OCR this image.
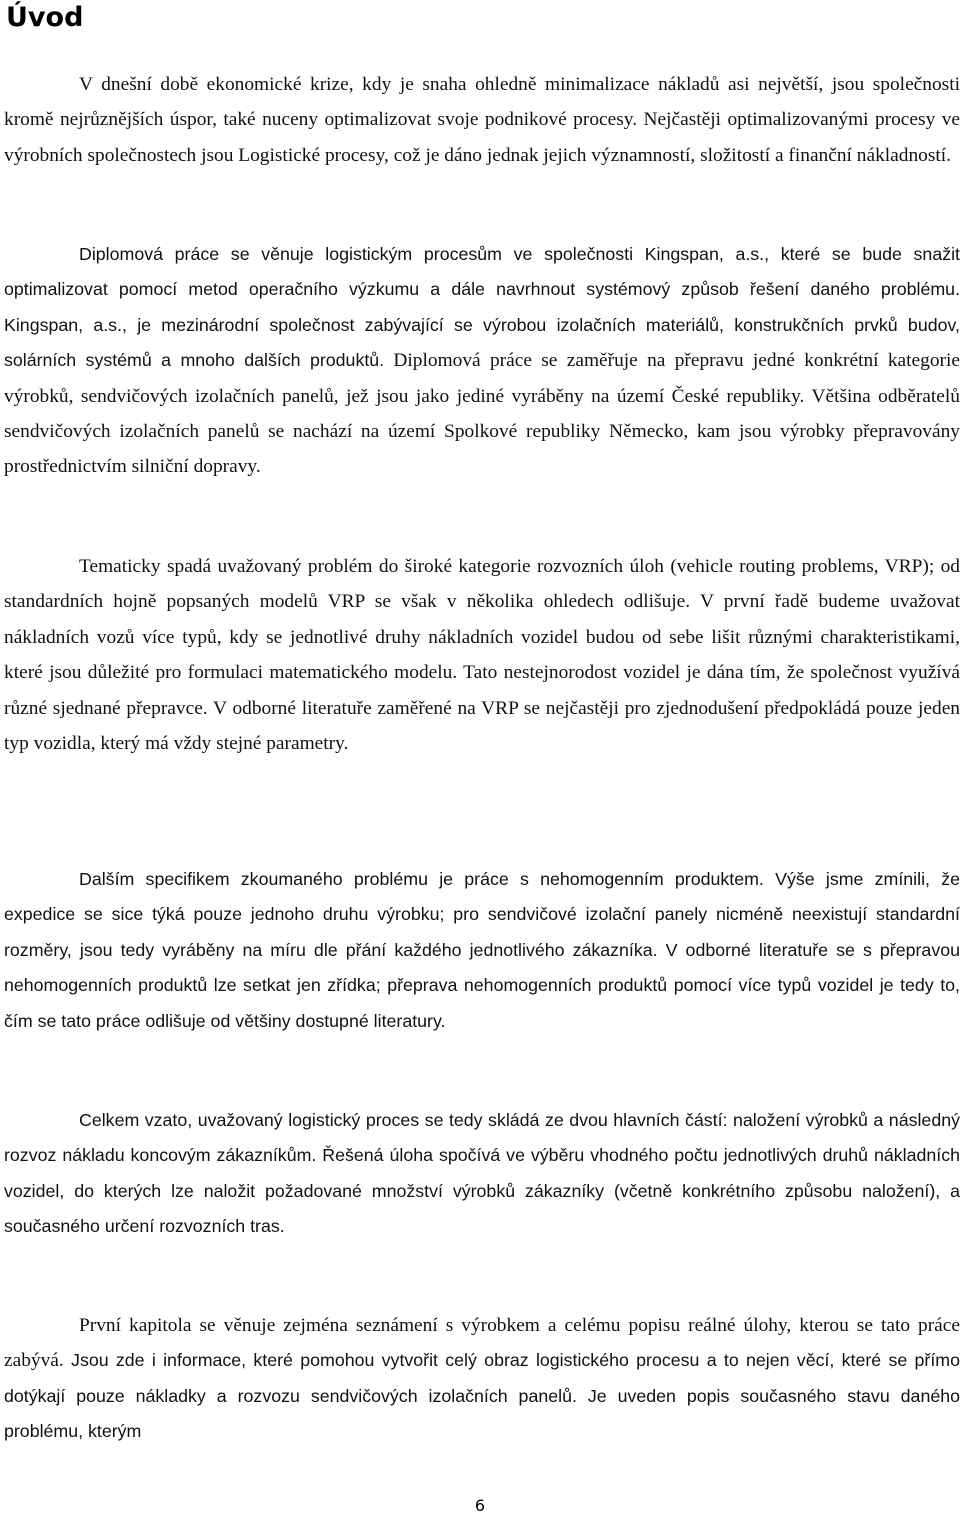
Úvod

V dnešní době ekonomické krize, kdy je snaha ohledně minimalizace nákladů asi největší, jsou společnosti kromě nejrůznějších úspor, také nuceny optimalizovat svoje podnikové procesy. Nejčastěji optimalizovanými procesy ve výrobních společnostech jsou Logistické procesy, což je dáno jednak jejich významností, složitostí a finanční nákladností.

Diplomová práce se věnuje logistickým procesům ve společnosti Kingspan, a.s., které se bude snažit optimalizovat pomocí metod operačního výzkumu a dále navrhnout systémový způsob řešení daného problému. Kingspan, a.s., je mezinárodní společnost zabývající se výrobou izolačních materiálů, konstrukčních prvků budov, solárních systémů a mnoho dalších produktů. Diplomová práce se zaměřuje na přepravu jedné konkrétní kategorie výrobků, sendvičových izolačních panelů, jež jsou jako jediné vyráběny na území České republiky. Většina odběratelů sendvičových izolačních panelů se nachází na území Spolkové republiky Německo, kam jsou výrobky přepravovány prostřednictvím silniční dopravy.

Tematicky spadá uvažovaný problém do široké kategorie rozvozních úloh (vehicle routing problems, VRP); od standardních hojně popsaných modelů VRP se však v několika ohledech odlišuje. V první řadě budeme uvažovat nákladních vozů více typů, kdy se jednotlivé druhy nákladních vozidel budou od sebe lišit různými charakteristikami, které jsou důležité pro formulaci matematického modelu. Tato nestejnorodost vozidel je dána tím, že společnost využívá různé sjednané přepravce. V odborné literatuře zaměřené na VRP se nejčastěji pro zjednodušení předpokládá pouze jeden typ vozidla, který má vždy stejné parametry.

Dalším specifikem zkoumaného problému je práce s nehomogenním produktem. Výše jsme zmínili, že expedice se sice týká pouze jednoho druhu výrobku; pro sendvičové izolační panely nicméně neexistují standardní rozměry, jsou tedy vyráběny na míru dle přání každého jednotlivého zákazníka. V odborné literatuře se s přepravou nehomogenních produktů lze setkat jen zřídka; přeprava nehomogenních produktů pomocí více typů vozidel je tedy to, čím se tato práce odlišuje od většiny dostupné literatury.

Celkem vzato, uvažovaný logistický proces se tedy skládá ze dvou hlavních částí: naložení výrobků a následný rozvoz nákladu koncovým zákazníkům. Řešená úloha spočívá ve výběru vhodného počtu jednotlivých druhů nákladních vozidel, do kterých lze naložit požadované množství výrobků zákazníky (včetně konkrétního způsobu naložení), a současného určení rozvozních tras.

První kapitola se věnuje zejména seznámení s výrobkem a celému popisu reálné úlohy, kterou se tato práce zabývá. Jsou zde i informace, které pomohou vytvořit celý obraz logistického procesu a to nejen věcí, které se přímo dotýkají pouze nákladky a rozvozu sendvičových izolačních panelů. Je uveden popis současného stavu daného problému, kterým

6
